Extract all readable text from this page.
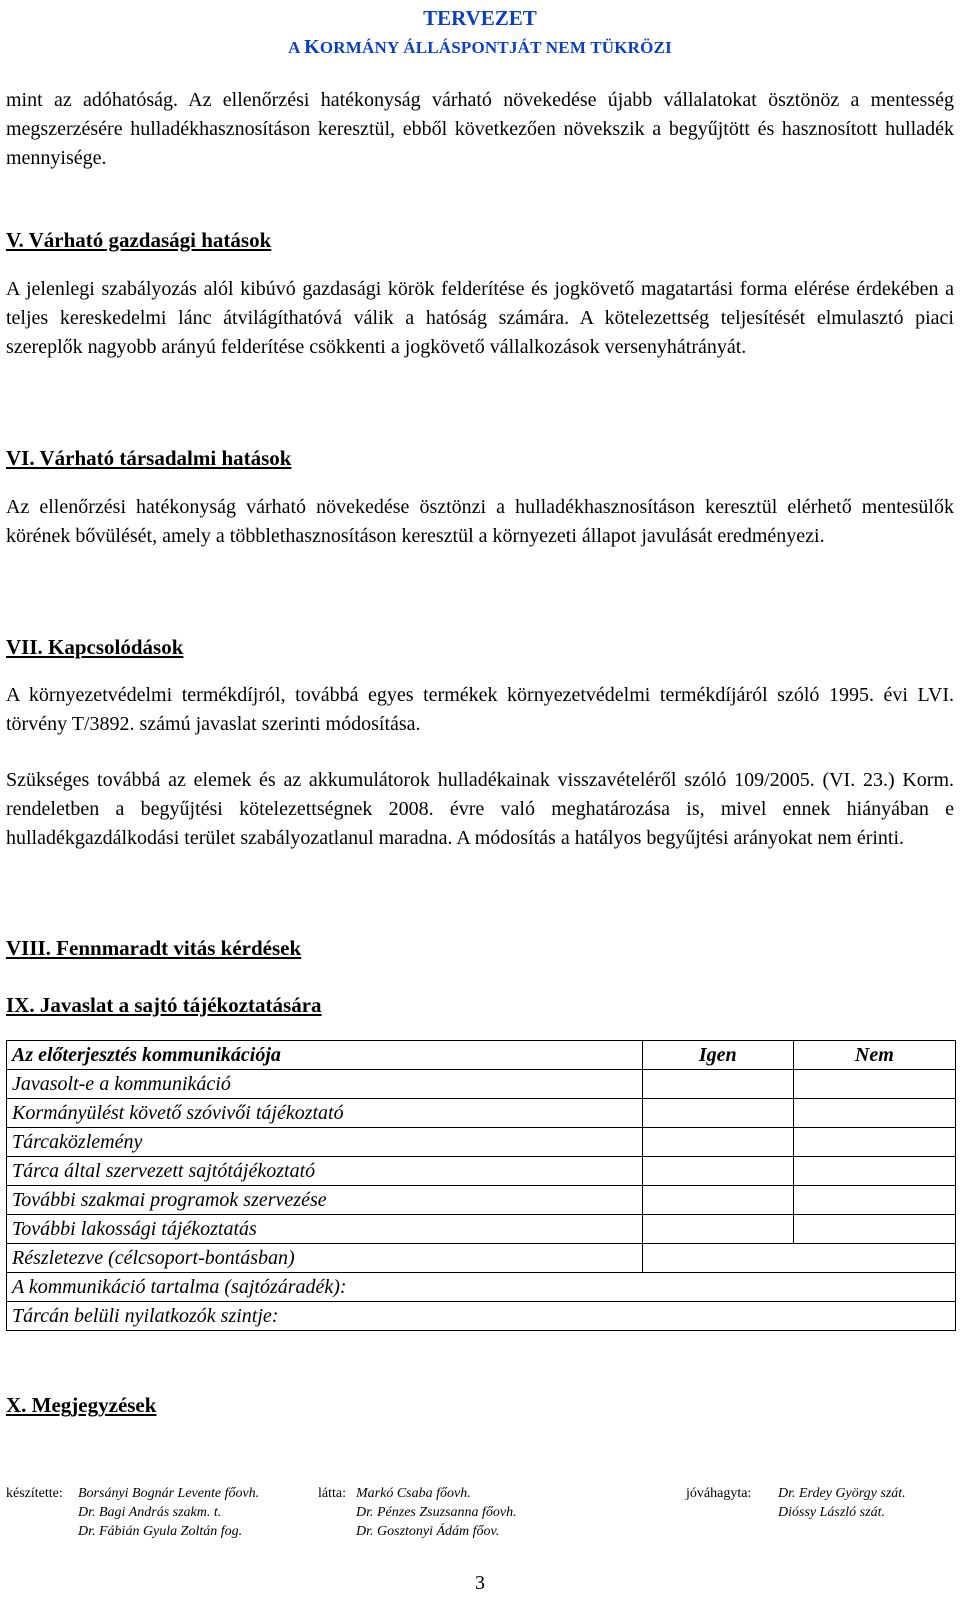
TERVEZET
A KORMÁNY ÁLLÁSPONTJÁT NEM TÜKRÖZI
mint az adóhatóság. Az ellenőrzési hatékonyság várható növekedése újabb vállalatokat ösztönöz a mentesség megszerzésére hulladékhasznosításon keresztül, ebből következően növekszik a begyűjtött és hasznosított hulladék mennyisége.
V. Várható gazdasági hatások
A jelenlegi szabályozás alól kibúvó gazdasági körök felderítése és jogkövető magatartási forma elérése érdekében a teljes kereskedelmi lánc átvilágíthatóvá válik a hatóság számára. A kötelezettség teljesítését elmulasztó piaci szereplők nagyobb arányú felderítése csökkenti a jogkövető vállalkozások versenyhátrányát.
VI. Várható társadalmi hatások
Az ellenőrzési hatékonyság várható növekedése ösztönzi a hulladékhasznosításon keresztül elérhető mentesülők körének bővülését, amely a többlethasznosításon keresztül a környezeti állapot javulását eredményezi.
VII. Kapcsolódások
A környezetvédelmi termékdíjról, továbbá egyes termékek környezetvédelmi termékdíjáról szóló 1995. évi LVI. törvény T/3892. számú javaslat szerinti módosítása.
Szükséges továbbá az elemek és az akkumulátorok hulladékainak visszavételéről szóló 109/2005. (VI. 23.) Korm. rendeletben a begyűjtési kötelezettségnek 2008. évre való meghatározása is, mivel ennek hiányában e hulladékgazdálkodási terület szabályozatlanul maradna. A módosítás a hatályos begyűjtési arányokat nem érinti.
VIII. Fennmaradt vitás kérdések
IX. Javaslat a sajtó tájékoztatására
Az előterjesztés kommunikációja	Igen	Nem
Javasolt-e a kommunikáció		
Kormányülést követő szóvivői tájékoztató		
Tárcaközlemény		
Tárca által szervezett sajtótájékoztató		
További szakmai programok szervezése		
További lakossági tájékoztatás		
Részletezve (célcsoport-bontásban)		
A kommunikáció tartalma (sajtózáradék):		
Tárcán belüli nyilatkozók szintje:		
X. Megjegyzések
készítette: Borsányi Bognár Levente főovh.
Dr. Bagi András szakm. t.
Dr. Fábián Gyula Zoltán fog.
látta: Markó Csaba főovh.
Dr. Pénzes Zsuzsanna főovh.
Dr. Gosztonyi Ádám főov.
jóváhagyta: Dr. Erdey György szát.
Dióssy László szát.
3
